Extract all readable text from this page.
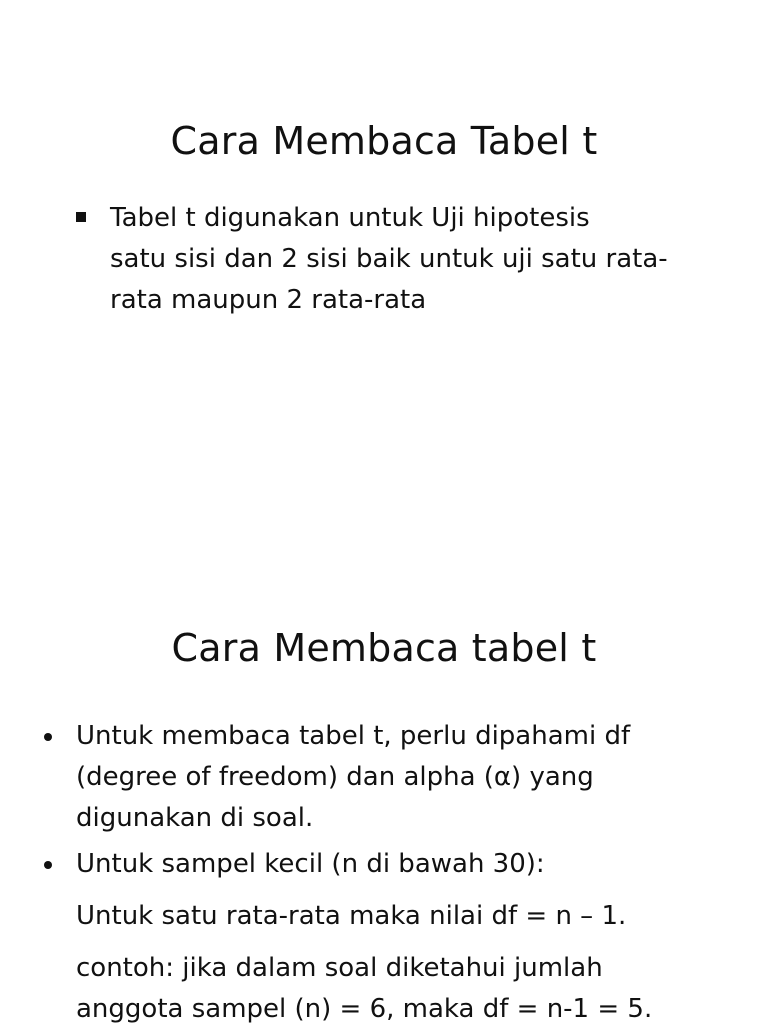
Cara Membaca Tabel t
Tabel t digunakan untuk Uji hipotesis
satu sisi dan 2 sisi baik untuk uji satu rata-
rata maupun 2 rata-rata
Cara Membaca tabel t
Untuk membaca tabel t, perlu dipahami df
(degree of freedom) dan alpha (α) yang
digunakan di soal.
Untuk sampel kecil (n di bawah 30):
Untuk satu rata-rata maka nilai df = n – 1.
contoh: jika dalam soal diketahui jumlah
anggota sampel (n) = 6, maka df = n-1 = 5.
